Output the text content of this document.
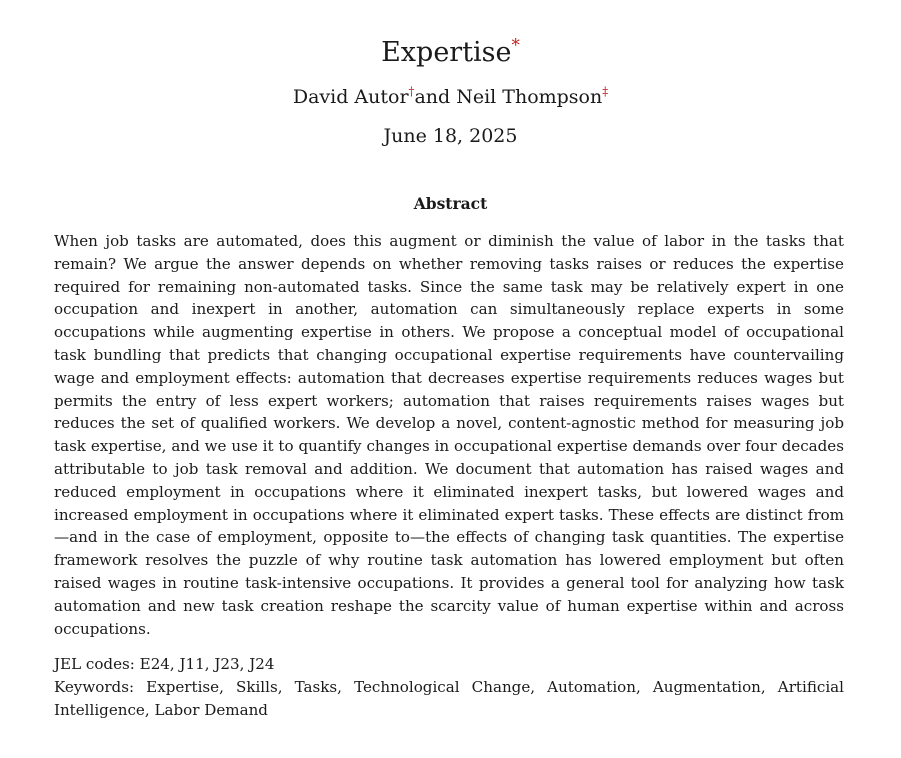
Expertise*
David Autor†and Neil Thompson‡
June 18, 2025
Abstract

When job tasks are automated, does this augment or diminish the value of labor in the tasks that remain? We argue the answer depends on whether removing tasks raises or reduces the expertise required for remaining non-automated tasks. Since the same task may be relatively expert in one occupation and inexpert in another, automation can simultaneously replace experts in some occupations while augmenting expertise in others. We propose a conceptual model of occupational task bundling that predicts that changing occupational expertise requirements have countervailing wage and employment effects: automation that decreases expertise requirements reduces wages but permits the entry of less expert workers; automation that raises requirements raises wages but reduces the set of qualified workers. We develop a novel, content-agnostic method for measuring job task expertise, and we use it to quantify changes in occupational expertise demands over four decades attributable to job task removal and addition. We document that automation has raised wages and reduced employment in occupations where it eliminated inexpert tasks, but lowered wages and increased employment in occupations where it eliminated expert tasks. These effects are distinct from—and in the case of employment, opposite to—the effects of changing task quantities. The expertise framework resolves the puzzle of why routine task automation has lowered employment but often raised wages in routine task-intensive occupations. It provides a general tool for analyzing how task automation and new task creation reshape the scarcity value of human expertise within and across occupations.

JEL codes: E24, J11, J23, J24
Keywords: Expertise, Skills, Tasks, Technological Change, Automation, Augmentation, Artificial Intelligence, Labor Demand
